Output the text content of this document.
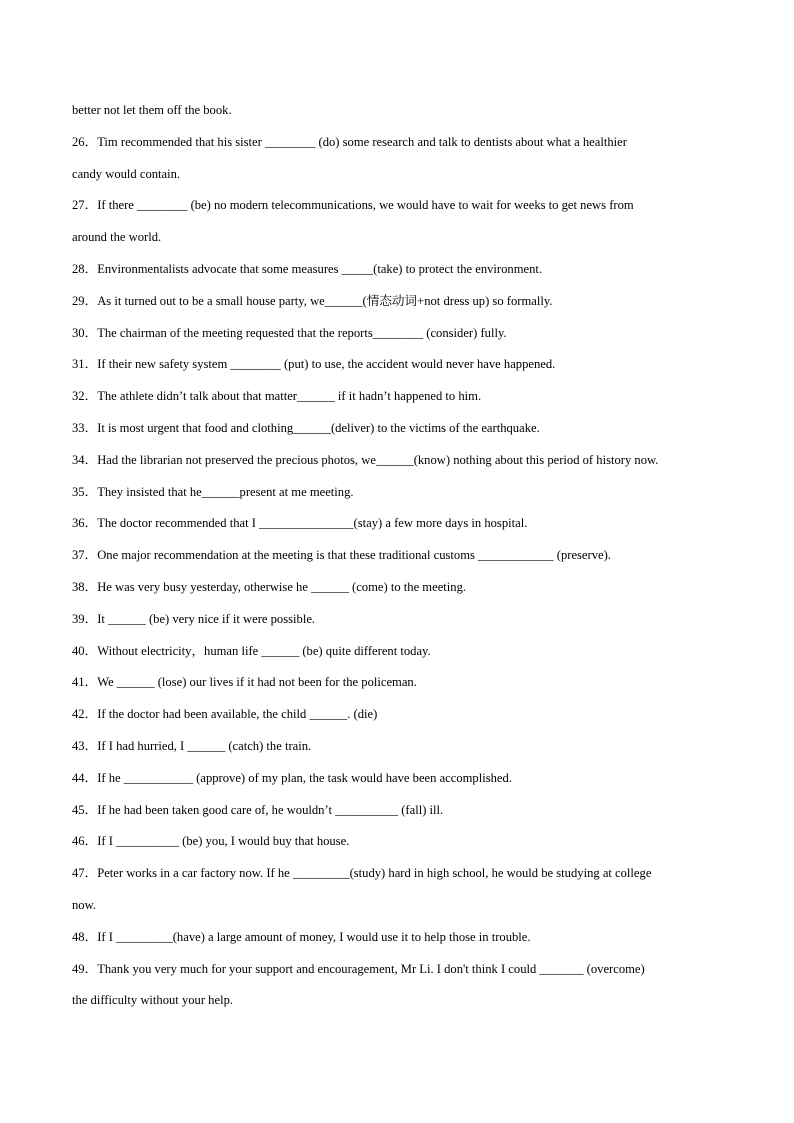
better not let them off the book.
26．Tim recommended that his sister ________ (do) some research and talk to dentists about what a healthier
candy would contain.
27．If there ________ (be) no modern telecommunications, we would have to wait for weeks to get news from
around the world.
28．Environmentalists advocate that some measures _____(take) to protect the environment.
29．As it turned out to be a small house party, we______(情态动词+not dress up) so formally.
30．The chairman of the meeting requested that the reports________ (consider) fully.
31．If their new safety system ________ (put) to use, the accident would never have happened.
32．The athlete didn’t talk about that matter______ if it hadn’t happened to him.
33．It is most urgent that food and clothing______(deliver) to the victims of the earthquake.
34．Had the librarian not preserved the precious photos, we______(know) nothing about this period of history now.
35．They insisted that he______present at me meeting.
36．The doctor recommended that I _______________(stay) a few more days in hospital.
37．One major recommendation at the meeting is that these traditional customs ____________ (preserve).
38．He was very busy yesterday, otherwise he ______ (come) to the meeting.
39．It ______ (be) very nice if it were possible.
40．Without electricity，human life ______ (be) quite different today.
41．We ______ (lose) our lives if it had not been for the policeman.
42．If the doctor had been available, the child ______. (die)
43．If I had hurried, I ______ (catch) the train.
44．If he ___________ (approve) of my plan, the task would have been accomplished.
45．If he had been taken good care of, he wouldn’t __________ (fall) ill.
46．If I __________ (be) you, I would buy that house.
47．Peter works in a car factory now. If he _________(study) hard in high school, he would be studying at college
now.
48．If I _________(have) a large amount of money, I would use it to help those in trouble.
49．Thank you very much for your support and encouragement, Mr Li. I don't think I could _______ (overcome)
the difficulty without your help.
